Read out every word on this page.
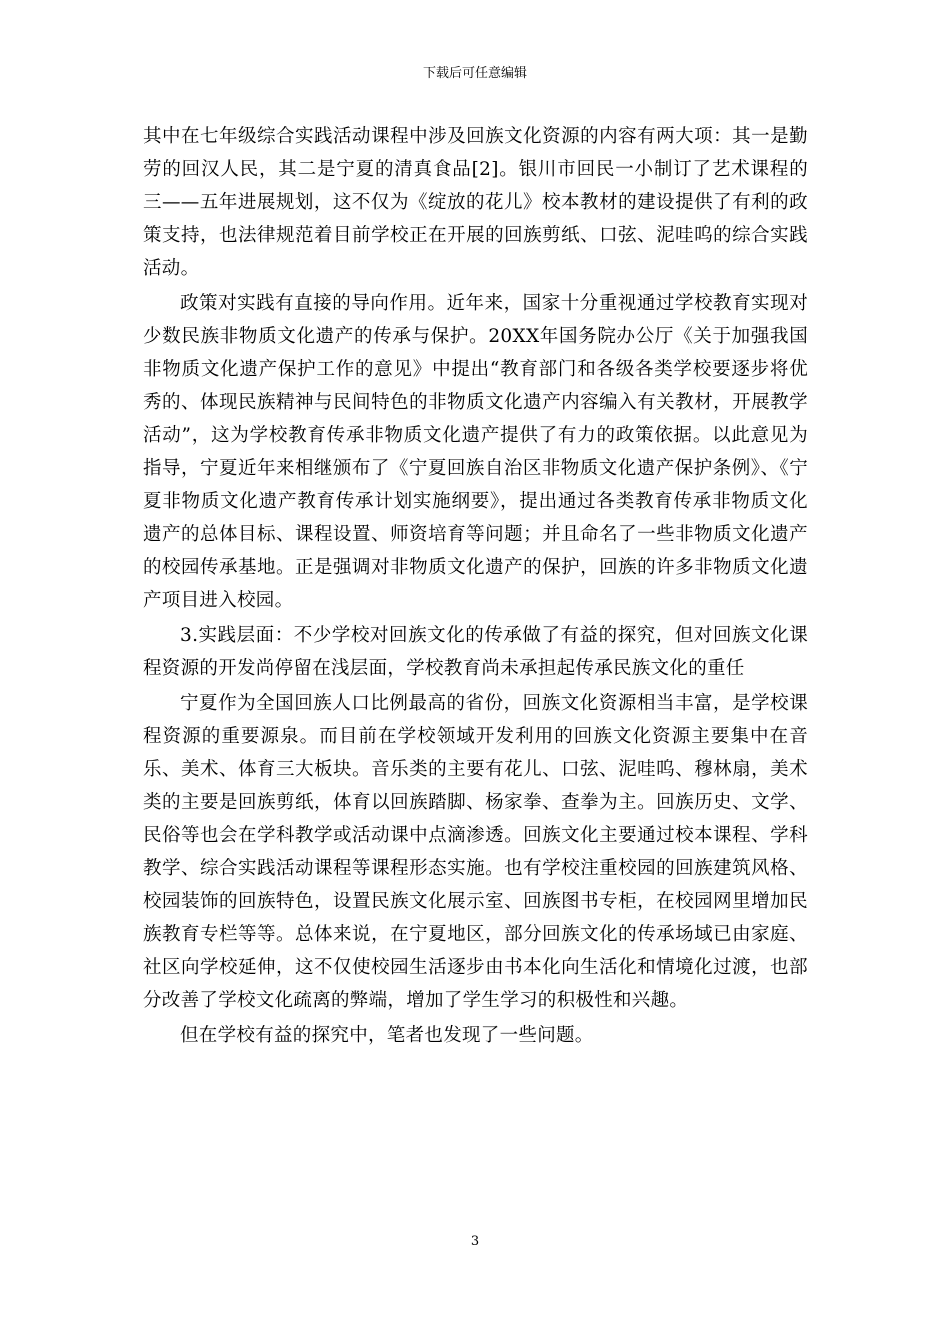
下载后可任意编辑

其中在七年级综合实践活动课程中涉及回族文化资源的内容有两大项：其一是勤劳的回汉人民，其二是宁夏的清真食品[2]。银川市回民一小制订了艺术课程的三——五年进展规划，这不仅为《绽放的花儿》校本教材的建设提供了有利的政策支持，也法律规范着目前学校正在开展的回族剪纸、口弦、泥哇呜的综合实践活动。

政策对实践有直接的导向作用。近年来，国家十分重视通过学校教育实现对少数民族非物质文化遗产的传承与保护。20XX年国务院办公厅《关于加强我国非物质文化遗产保护工作的意见》中提出“教育部门和各级各类学校要逐步将优秀的、体现民族精神与民间特色的非物质文化遗产内容编入有关教材，开展教学活动”，这为学校教育传承非物质文化遗产提供了有力的政策依据。以此意见为指导，宁夏近年来相继颁布了《宁夏回族自治区非物质文化遗产保护条例》、《宁夏非物质文化遗产教育传承计划实施纲要》，提出通过各类教育传承非物质文化遗产的总体目标、课程设置、师资培育等问题；并且命名了一些非物质文化遗产的校园传承基地。正是强调对非物质文化遗产的保护，回族的许多非物质文化遗产项目进入校园。

3.实践层面：不少学校对回族文化的传承做了有益的探究，但对回族文化课程资源的开发尚停留在浅层面，学校教育尚未承担起传承民族文化的重任

宁夏作为全国回族人口比例最高的省份，回族文化资源相当丰富，是学校课程资源的重要源泉。而目前在学校领域开发利用的回族文化资源主要集中在音乐、美术、体育三大板块。音乐类的主要有花儿、口弦、泥哇呜、穆林扇，美术类的主要是回族剪纸，体育以回族踏脚、杨家拳、查拳为主。回族历史、文学、民俗等也会在学科教学或活动课中点滴渗透。回族文化主要通过校本课程、学科教学、综合实践活动课程等课程形态实施。也有学校注重校园的回族建筑风格、校园装饰的回族特色，设置民族文化展示室、回族图书专柜，在校园网里增加民族教育专栏等等。总体来说，在宁夏地区，部分回族文化的传承场域已由家庭、社区向学校延伸，这不仅使校园生活逐步由书本化向生活化和情境化过渡，也部分改善了学校文化疏离的弊端，增加了学生学习的积极性和兴趣。

但在学校有益的探究中，笔者也发现了一些问题。

3
